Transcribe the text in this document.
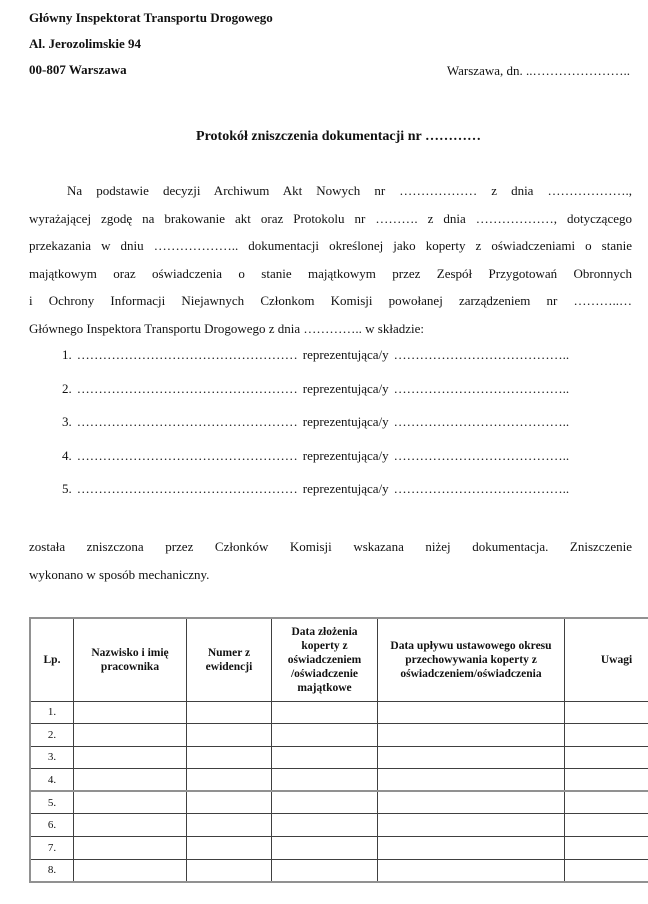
Główny Inspektorat Transportu Drogowego
Al. Jerozolimskie 94
00-807 Warszawa	Warszawa, dn. ..…………………..
Protokół zniszczenia dokumentacji nr …………
Na podstawie decyzji Archiwum Akt Nowych nr ……………… z dnia ……………….,
wyrażającej zgodę na brakowanie akt oraz Protokolu nr ………. z dnia ………………, dotyczącego
przekazania w dniu ……………….. dokumentacji określonej jako koperty z oświadczeniami o stanie
majątkowym oraz oświadczenia o stanie majątkowym przez Zespół Przygotowań Obronnych
i Ochrony Informacji Niejawnych Członkom Komisji powołanej zarządzeniem nr ………..…
Głównego Inspektora Transportu Drogowego z dnia ………….. w składzie:
1. …………………………………………… reprezentująca/y …………………………………..
2. …………………………………………… reprezentująca/y …………………………………..
3. …………………………………………… reprezentująca/y …………………………………..
4. …………………………………………… reprezentująca/y …………………………………..
5. …………………………………………… reprezentująca/y …………………………………..
została zniszczona przez Członków Komisji wskazana niżej dokumentacja. Zniszczenie
wykonano w sposób mechaniczny.
Lp.	Nazwisko i imię pracownika	Numer z ewidencji	Data złożenia koperty z oświadczeniem /oświadczenie majątkowe	Data upływu ustawowego okresu przechowywania koperty z oświadczeniem/oświadczenia	Uwagi
1.					
2.					
3.					
4.					
5.					
6.					
7.					
8.					
